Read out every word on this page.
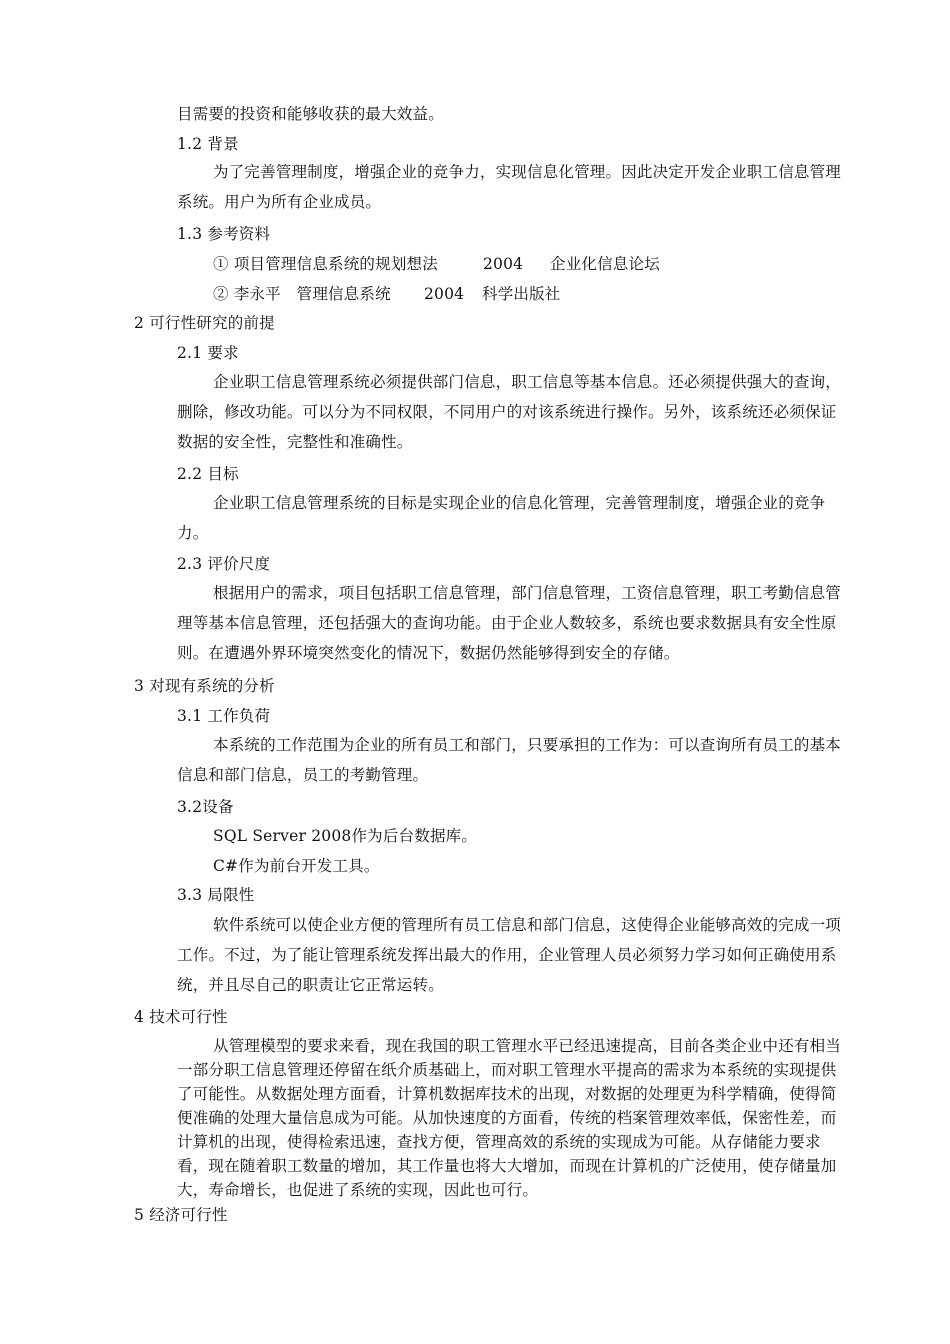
目需要的投资和能够收获的最大效益。
1.2 背景
为了完善管理制度，增强企业的竞争力，实现信息化管理。因此决定开发企业职工信息管理系统。用户为所有企业成员。
1.3 参考资料
① 项目管理信息系统的规划想法	2004 企业化信息论坛
② 李永平　管理信息系统 2004 科学出版社
2 可行性研究的前提
2.1 要求
企业职工信息管理系统必须提供部门信息，职工信息等基本信息。还必须提供强大的查询，删除，修改功能。可以分为不同权限，不同用户的对该系统进行操作。另外，该系统还必须保证数据的安全性，完整性和准确性。
2.2 目标
企业职工信息管理系统的目标是实现企业的信息化管理，完善管理制度，增强企业的竞争力。
2.3 评价尺度
根据用户的需求，项目包括职工信息管理，部门信息管理，工资信息管理，职工考勤信息管理等基本信息管理，还包括强大的查询功能。由于企业人数较多，系统也要求数据具有安全性原则。在遭遇外界环境突然变化的情况下，数据仍然能够得到安全的存储。
3 对现有系统的分析
3.1 工作负荷
本系统的工作范围为企业的所有员工和部门，只要承担的工作为：可以查询所有员工的基本信息和部门信息，员工的考勤管理。
3.2设备
SQL Server 2008作为后台数据库。
C#作为前台开发工具。
3.3 局限性
软件系统可以使企业方便的管理所有员工信息和部门信息，这使得企业能够高效的完成一项工作。不过，为了能让管理系统发挥出最大的作用，企业管理人员必须努力学习如何正确使用系统，并且尽自己的职责让它正常运转。
4 技术可行性
从管理模型的要求来看，现在我国的职工管理水平已经迅速提高，目前各类企业中还有相当一部分职工信息管理还停留在纸介质基础上，而对职工管理水平提高的需求为本系统的实现提供了可能性。从数据处理方面看，计算机数据库技术的出现，对数据的处理更为科学精确，使得简便准确的处理大量信息成为可能。从加快速度的方面看，传统的档案管理效率低，保密性差，而计算机的出现，使得检索迅速，查找方便，管理高效的系统的实现成为可能。从存储能力要求看，现在随着职工数量的增加，其工作量也将大大增加，而现在计算机的广泛使用，使存储量加大，寿命增长，也促进了系统的实现，因此也可行。
5 经济可行性
